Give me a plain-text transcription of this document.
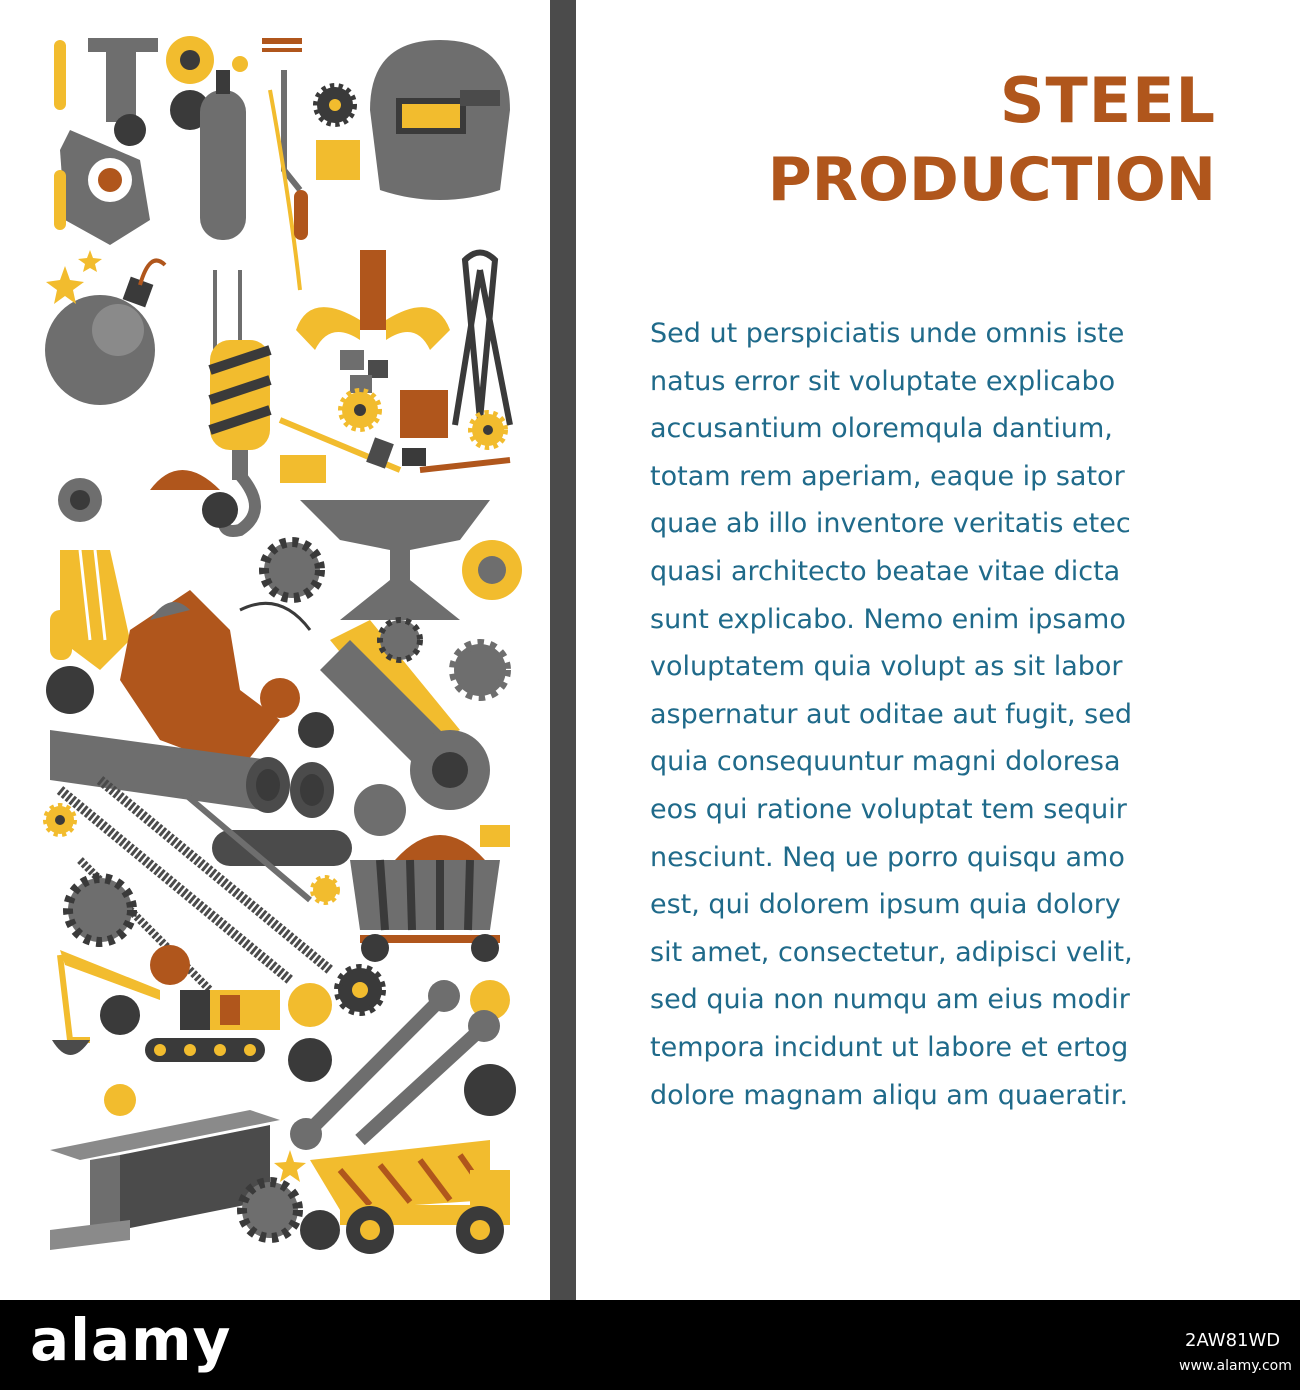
STEEL
PRODUCTION

Sed ut perspiciatis unde omnis iste
natus error sit voluptate explicabo
accusantium oloremqula dantium,
totam rem aperiam, eaque ip sator
quae ab illo inventore veritatis etec
quasi architecto beatae vitae dicta
sunt explicabo. Nemo enim ipsamo
voluptatem quia volupt as sit labor
aspernatur aut oditae aut fugit, sed
quia consequuntur magni doloresa
eos qui ratione voluptat tem sequir
nesciunt. Neq ue porro quisqu amo
est, qui dolorem ipsum quia dolory
sit amet, consectetur, adipisci velit,
sed quia non numqu am eius modir
tempora incidunt ut labore et ertog
dolore magnam aliqu am quaeratir.

alamy	2AW81WD
www.alamy.com
